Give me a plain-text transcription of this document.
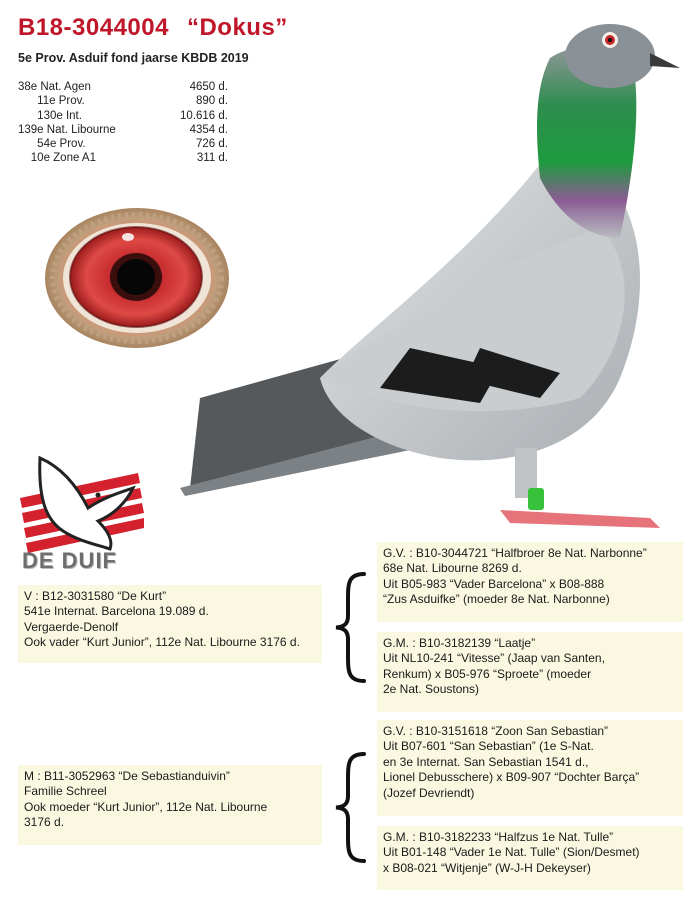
B18-3044004 “Dokus”
5e Prov. Asduif fond jaarse KBDB 2019
38e Nat. Agen	4650 d.
11e Prov.	890 d.
130e Int.	10.616 d.
139e Nat. Libourne	4354 d.
54e Prov.	726 d.
10e Zone A1	311 d.
DE DUIF
V : B12-3031580 “De Kurt”
541e Internat. Barcelona 19.089 d.
Vergaerde-Denolf
Ook vader “Kurt Junior”, 112e Nat. Libourne 3176 d.
G.V. : B10-3044721 “Halfbroer 8e Nat. Narbonne”
68e Nat. Libourne 8269 d.
Uit B05-983 “Vader Barcelona” x B08-888
“Zus Asduifke” (moeder 8e Nat. Narbonne)
G.M. : B10-3182139 “Laatje”
Uit NL10-241 “Vitesse” (Jaap van Santen,
Renkum) x B05-976 “Sproete” (moeder
2e Nat. Soustons)
M : B11-3052963 “De Sebastianduivin”
Familie Schreel
Ook moeder “Kurt Junior”, 112e Nat. Libourne
3176 d.
G.V. : B10-3151618 “Zoon San Sebastian”
Uit B07-601 “San Sebastian” (1e S-Nat.
en 3e Internat. San Sebastian 1541 d.,
Lionel Debusschere) x B09-907 “Dochter Barça”
(Jozef Devriendt)
G.M. : B10-3182233 “Halfzus 1e Nat. Tulle”
Uit B01-148 “Vader 1e Nat. Tulle” (Sion/Desmet)
x B08-021 “Witjenje” (W-J-H Dekeyser)
